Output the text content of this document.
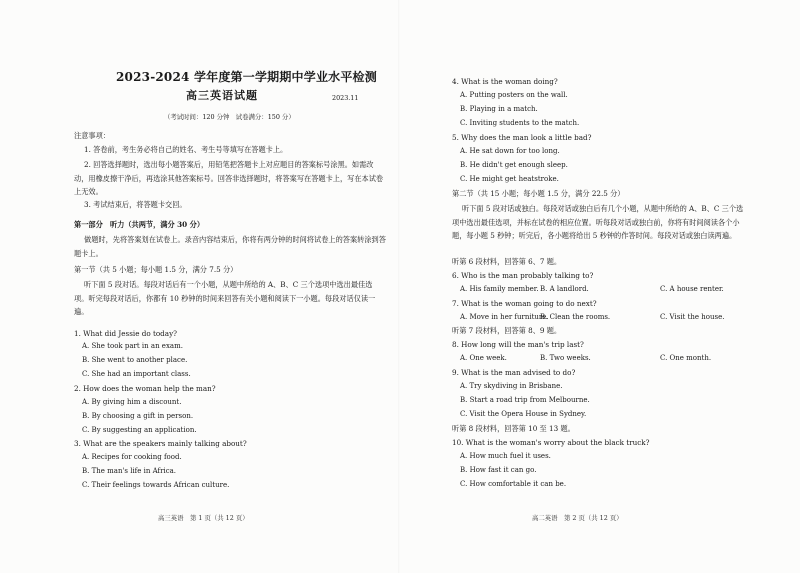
2023-2024 学年度第一学期期中学业水平检测
高三英语试题	2023.11
（考试时间：120 分钟　试卷满分：150 分）
注意事项：
1. 答卷前，考生务必将自己的姓名、考生号等填写在答题卡上。
2. 回答选择题时，选出每小题答案后，用铅笔把答题卡上对应题目的答案标号涂黑。如需改动，用橡皮擦干净后，再选涂其他答案标号。回答非选择题时，将答案写在答题卡上，写在本试卷上无效。
3. 考试结束后，将答题卡交回。
第一部分　听力（共两节，满分 30 分）
做题时，先将答案划在试卷上。录音内容结束后，你将有两分钟的时间将试卷上的答案转涂到答题卡上。
第一节（共 5 小题；每小题 1.5 分，满分 7.5 分）
听下面 5 段对话。每段对话后有一个小题，从题中所给的 A、B、C 三个选项中选出最佳选项。听完每段对话后，你都有 10 秒钟的时间来回答有关小题和阅读下一小题。每段对话仅读一遍。
1. What did Jessie do today?
A. She took part in an exam.
B. She went to another place.
C. She had an important class.
2. How does the woman help the man?
A. By giving him a discount.
B. By choosing a gift in person.
C. By suggesting an application.
3. What are the speakers mainly talking about?
A. Recipes for cooking food.
B. The man's life in Africa.
C. Their feelings towards African culture.
高三英语　第 1 页（共 12 页）
4. What is the woman doing?
A. Putting posters on the wall.
B. Playing in a match.
C. Inviting students to the match.
5. Why does the man look a little bad?
A. He sat down for too long.
B. He didn't get enough sleep.
C. He might get heatstroke.
第二节（共 15 小题；每小题 1.5 分，满分 22.5 分）
听下面 5 段对话或独白。每段对话或独白后有几个小题，从题中所给的 A、B、C 三个选项中选出最佳选项，并标在试卷的相应位置。听每段对话或独白前，你将有时间阅读各个小题，每小题 5 秒钟；听完后，各小题将给出 5 秒钟的作答时间。每段对话或独白读两遍。
听第 6 段材料，回答第 6、7 题。
6. Who is the man probably talking to?
A. His family member. B. A landlord.	C. A house renter.
7. What is the woman going to do next?
A. Move in her furniture.
B. Clean the rooms.	C. Visit the house.
听第 7 段材料，回答第 8、9 题。
8. How long will the man's trip last?
A. One week.	B. Two weeks.	C. One month.
9. What is the man advised to do?
A. Try skydiving in Brisbane.
B. Start a road trip from Melbourne.
C. Visit the Opera House in Sydney.
听第 8 段材料，回答第 10 至 13 题。
10. What is the woman's worry about the black truck?
A. How much fuel it uses.
B. How fast it can go.
C. How comfortable it can be.
高二英语　第 2 页（共 12 页）
